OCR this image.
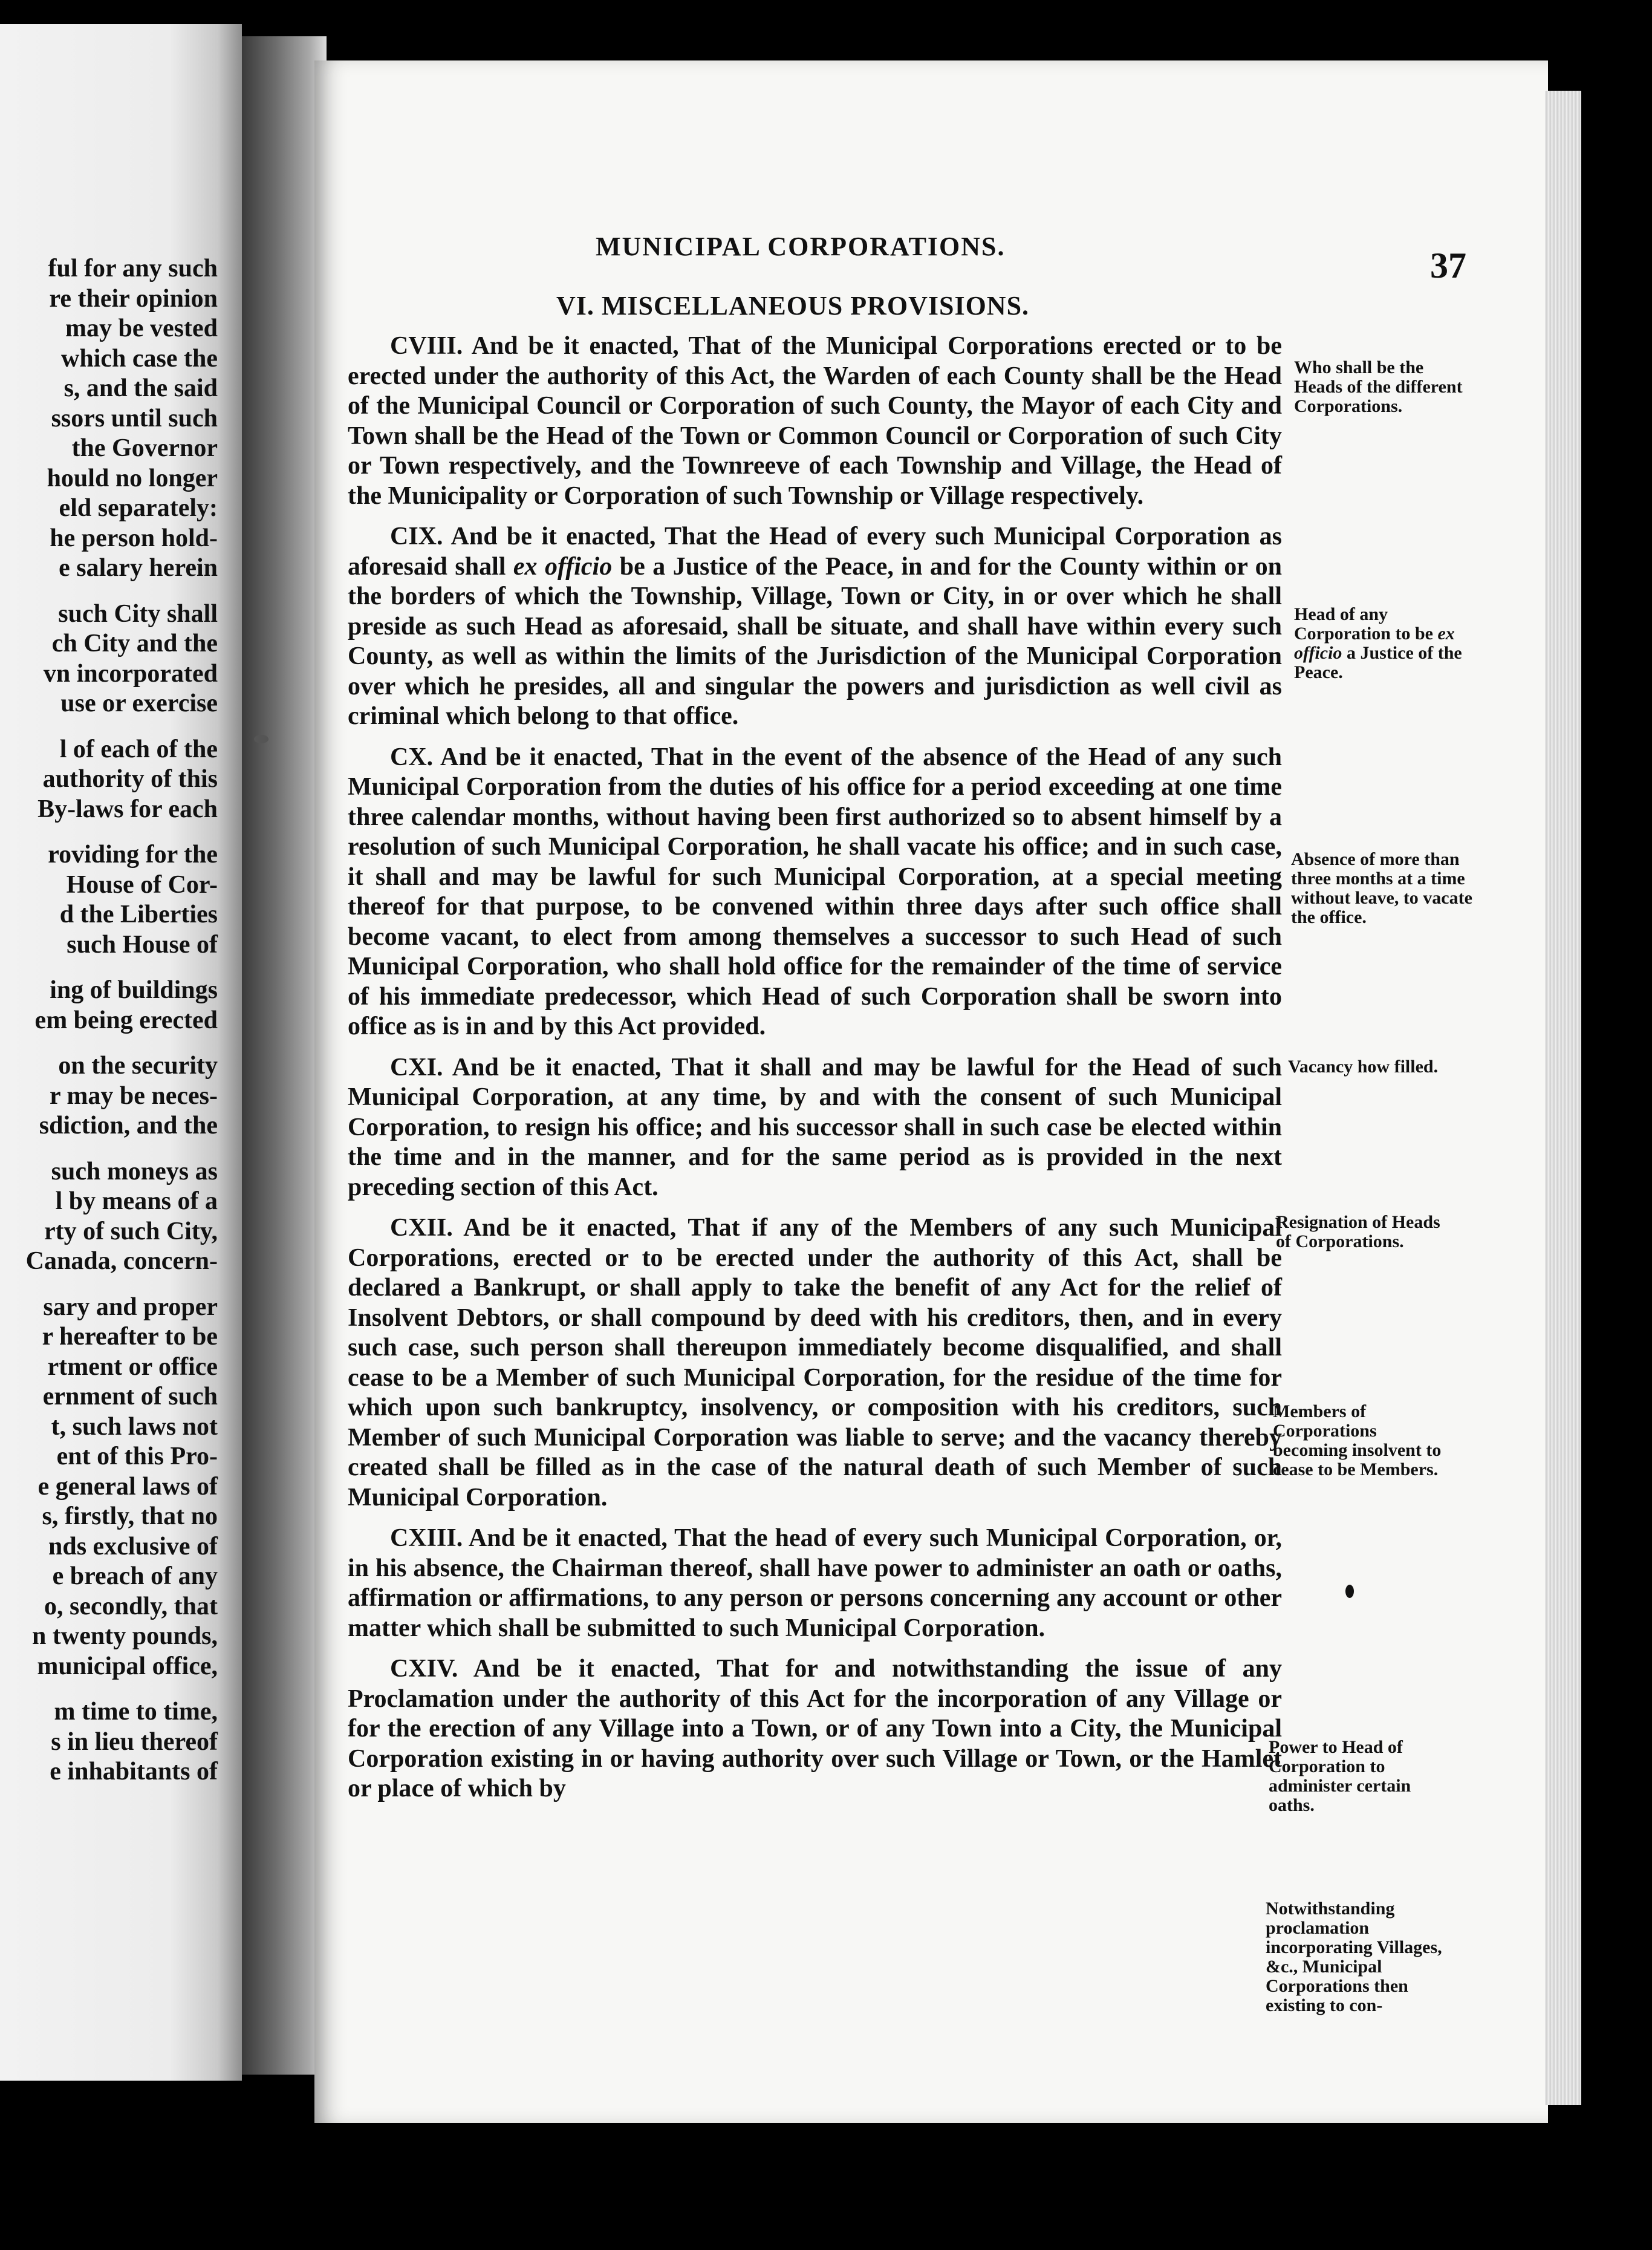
ful for any such
re their opinion
may be vested
which case the
s, and the said
ssors until such
the Governor
hould no longer
eld separately:
he person hold-
e salary herein
such City shall
ch City and the
vn incorporated
use or exercise
l of each of the
authority of this
By-laws for each
roviding for the
House of Cor-
d the Liberties
such House of
ing of buildings
em being erected
on the security
r may be neces-
sdiction, and the
such moneys as
l by means of a
rty of such City,
Canada, concern-
sary and proper
r hereafter to be
rtment or office
ernment of such
t, such laws not
ent of this Pro-
e general laws of
s, firstly, that no
nds exclusive of
e breach of any
o, secondly, that
n twenty pounds,
municipal office,
m time to time,
s in lieu thereof
e inhabitants of
MUNICIPAL CORPORATIONS.	37
VI. MISCELLANEOUS PROVISIONS.

CVIII. And be it enacted, That of the Municipal Corporations erected or to be erected under the authority of this Act, the Warden of each County shall be the Head of the Municipal Council or Corporation of such County, the Mayor of each City and Town shall be the Head of the Town or Common Council or Corporation of such City or Town respectively, and the Townreeve of each Township and Village, the Head of the Municipality or Corporation of such Township or Village respectively.

CIX. And be it enacted, That the Head of every such Municipal Corporation as aforesaid shall ex officio be a Justice of the Peace, in and for the County within or on the borders of which the Township, Village, Town or City, in or over which he shall preside as such Head as aforesaid, shall be situate, and shall have within every such County, as well as within the limits of the Jurisdiction of the Municipal Corporation over which he presides, all and singular the powers and jurisdiction as well civil as criminal which belong to that office.

CX. And be it enacted, That in the event of the absence of the Head of any such Municipal Corporation from the duties of his office for a period exceeding at one time three calendar months, without having been first authorized so to absent himself by a resolution of such Municipal Corporation, he shall vacate his office; and in such case, it shall and may be lawful for such Municipal Corporation, at a special meeting thereof for that purpose, to be convened within three days after such office shall become vacant, to elect from among themselves a successor to such Head of such Municipal Corporation, who shall hold office for the remainder of the time of service of his immediate predecessor, which Head of such Corporation shall be sworn into office as is in and by this Act provided.

CXI. And be it enacted, That it shall and may be lawful for the Head of such Municipal Corporation, at any time, by and with the consent of such Municipal Corporation, to resign his office; and his successor shall in such case be elected within the time and in the manner, and for the same period as is provided in the next preceding section of this Act.

CXII. And be it enacted, That if any of the Members of any such Municipal Corporations, erected or to be erected under the authority of this Act, shall be declared a Bankrupt, or shall apply to take the benefit of any Act for the relief of Insolvent Debtors, or shall compound by deed with his creditors, then, and in every such case, such person shall thereupon immediately become disqualified, and shall cease to be a Member of such Municipal Corporation, for the residue of the time for which upon such bankruptcy, insolvency, or composition with his creditors, such Member of such Municipal Corporation was liable to serve; and the vacancy thereby created shall be filled as in the case of the natural death of such Member of such Municipal Corporation.

CXIII. And be it enacted, That the head of every such Municipal Corporation, or, in his absence, the Chairman thereof, shall have power to administer an oath or oaths, affirmation or affirmations, to any person or persons concerning any account or other matter which shall be submitted to such Municipal Corporation.

CXIV. And be it enacted, That for and notwithstanding the issue of any Proclamation under the authority of this Act for the incorporation of any Village or for the erection of any Village into a Town, or of any Town into a City, the Municipal Corporation existing in or having authority over such Village or Town, or the Hamlet or place of which by

Who shall be the Heads of the different Corporations.
Head of any Corporation to be ex officio a Justice of the Peace.
Absence of more than three months at a time without leave, to vacate the office.
Vacancy how filled.
Resignation of Heads of Corporations.
Members of Corporations becoming insolvent to cease to be Members.
Power to Head of Corporation to administer certain oaths.
Notwithstanding proclamation incorporating Villages, &c., Municipal Corporations then existing to con-
